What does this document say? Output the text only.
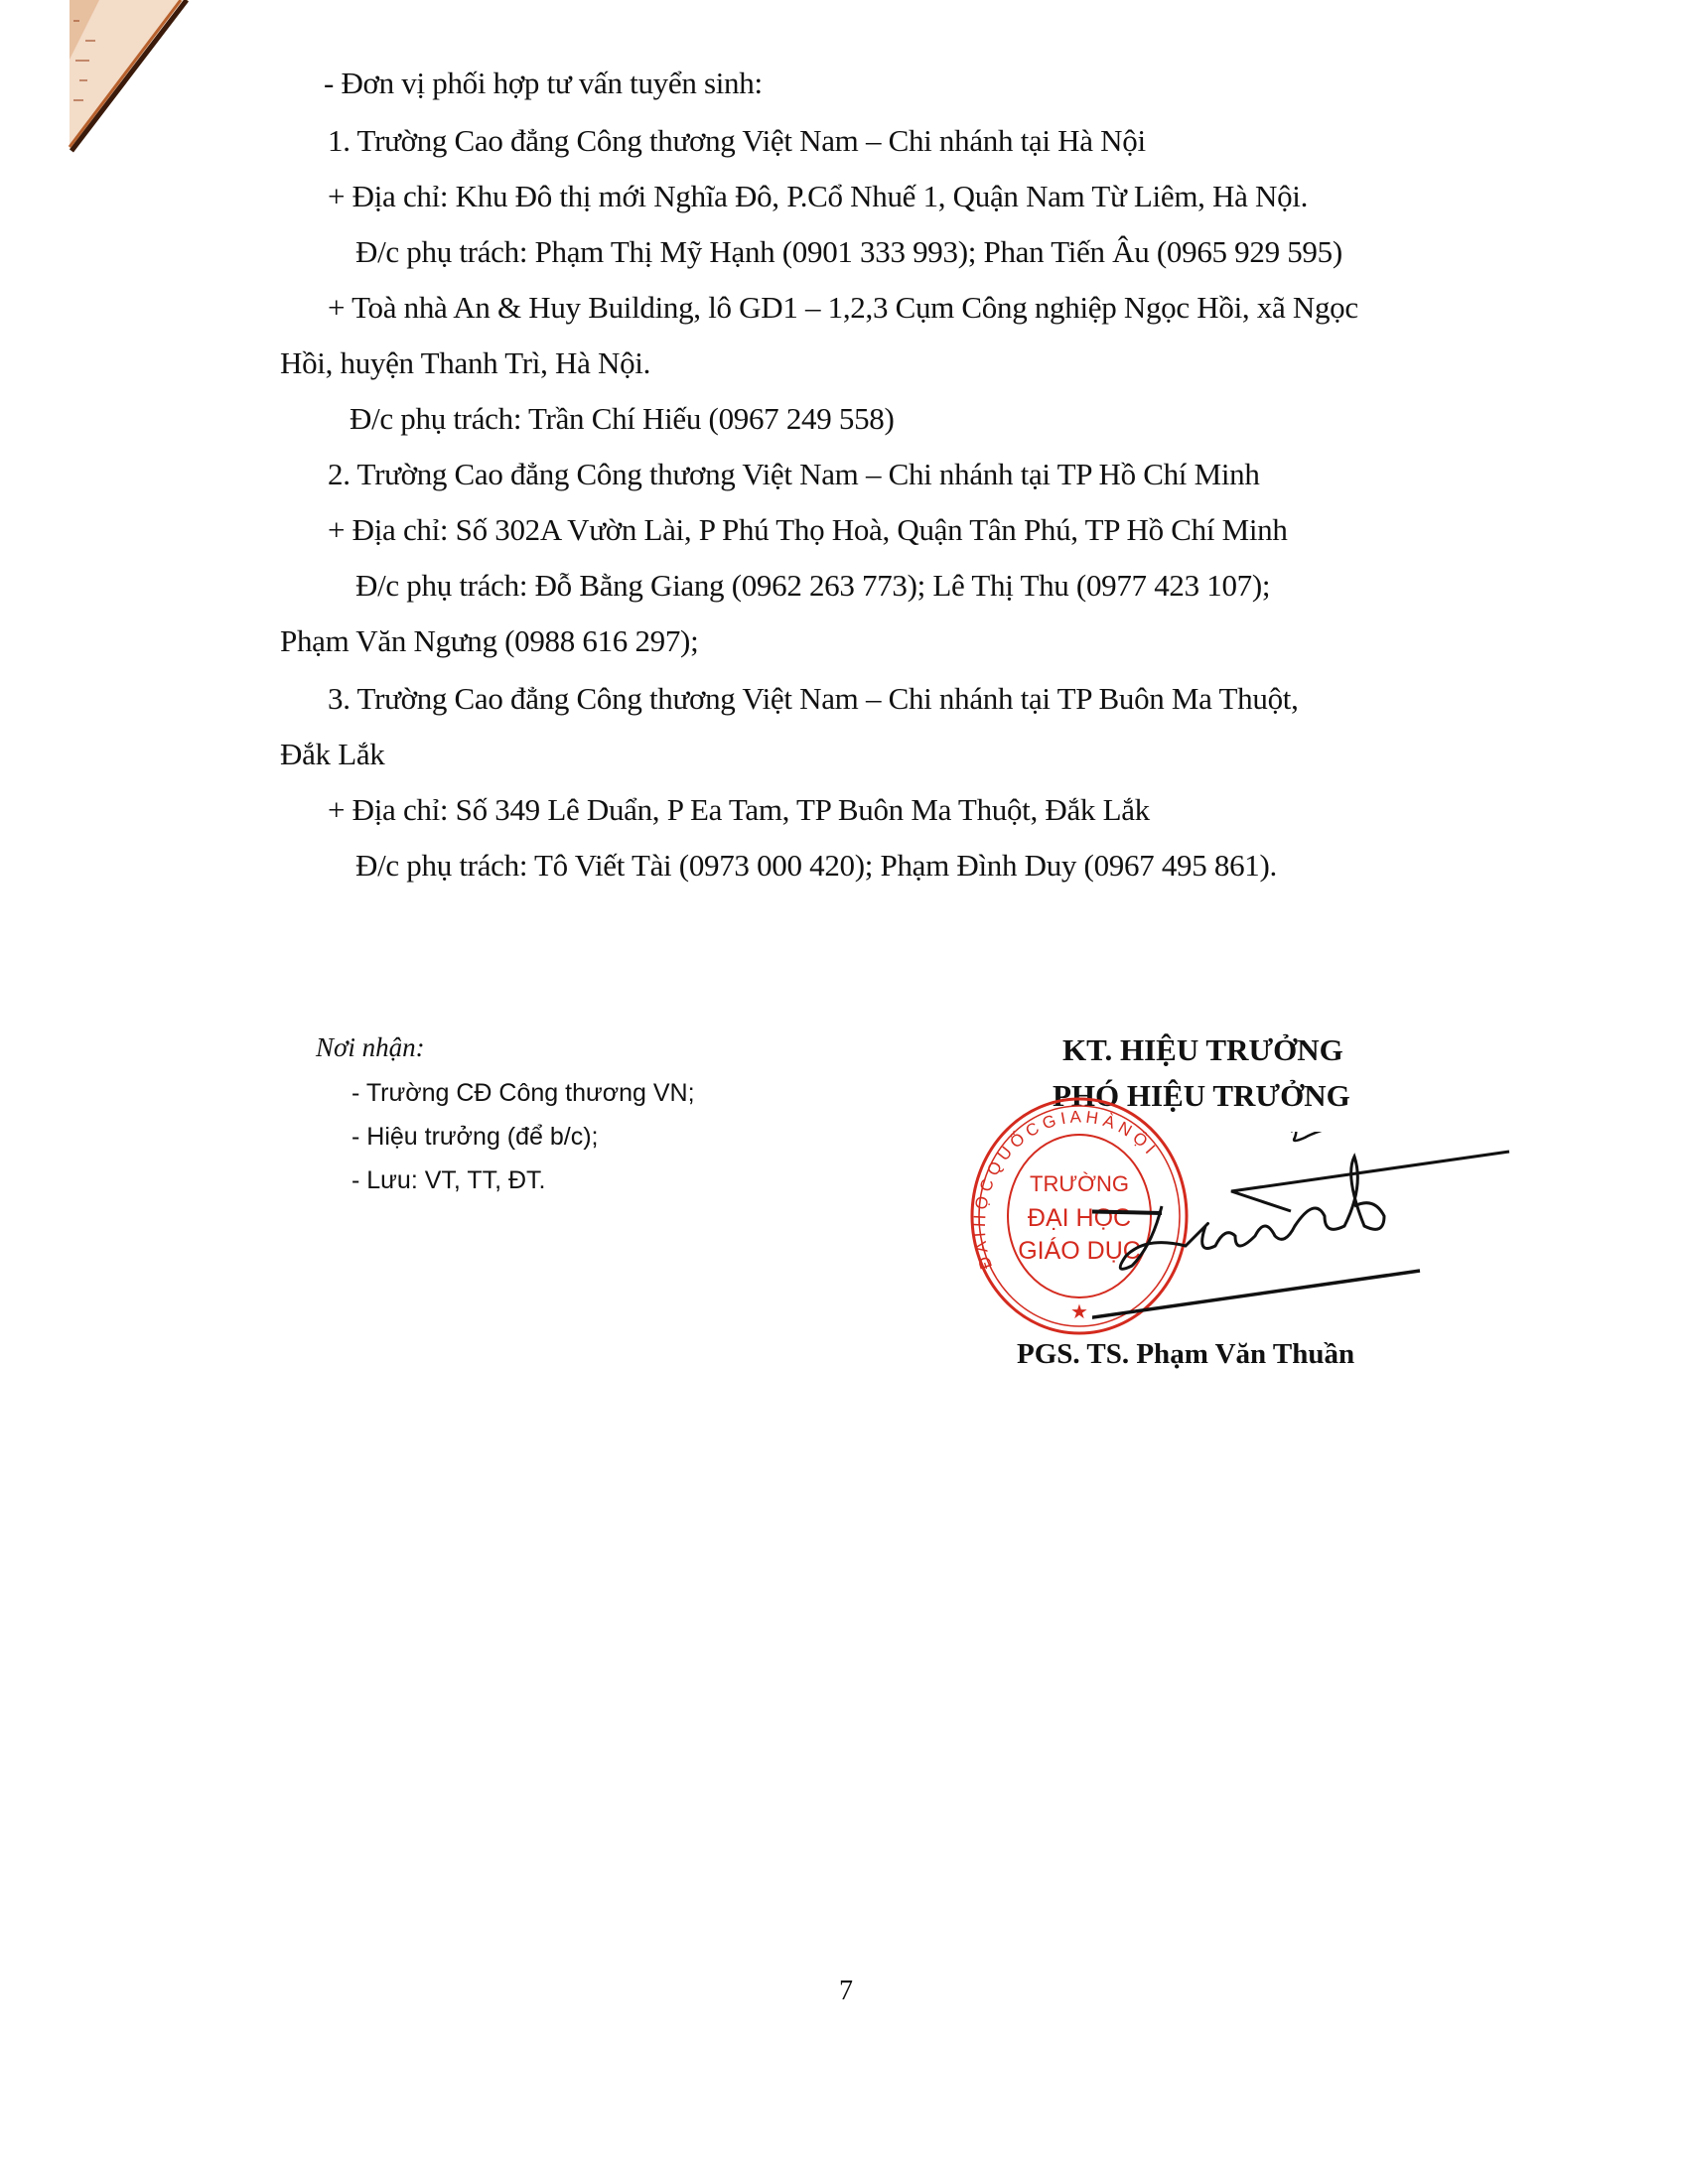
- Đơn vị phối hợp tư vấn tuyển sinh:
1. Trường Cao đẳng Công thương Việt Nam – Chi nhánh tại Hà Nội
+ Địa chỉ: Khu Đô thị mới Nghĩa Đô, P.Cổ Nhuế 1, Quận Nam Từ Liêm, Hà Nội.
Đ/c phụ trách: Phạm Thị Mỹ Hạnh (0901 333 993); Phan Tiến Âu (0965 929 595)
+ Toà nhà An & Huy Building, lô GD1 – 1,2,3 Cụm Công nghiệp Ngọc Hồi, xã Ngọc
Hồi, huyện Thanh Trì, Hà Nội.
Đ/c phụ trách: Trần Chí Hiếu (0967 249 558)
2. Trường Cao đẳng Công thương Việt Nam – Chi nhánh tại TP Hồ Chí Minh
+ Địa chỉ: Số 302A Vườn Lài, P Phú Thọ Hoà, Quận Tân Phú, TP Hồ Chí Minh
Đ/c phụ trách: Đỗ Bằng Giang (0962 263 773); Lê Thị Thu (0977 423 107);
Phạm Văn Ngưng (0988 616 297);
3. Trường Cao đẳng Công thương Việt Nam – Chi nhánh tại TP Buôn Ma Thuột,
Đắk Lắk
+ Địa chỉ: Số 349 Lê Duẩn, P Ea Tam, TP Buôn Ma Thuột, Đắk Lắk
Đ/c phụ trách: Tô Viết Tài (0973 000 420); Phạm Đình Duy (0967 495 861).
Nơi nhận:
- Trường CĐ Công thương VN;
- Hiệu trưởng (để b/c);
- Lưu: VT, TT, ĐT.
KT. HIỆU TRƯỞNG
PHÓ HIỆU TRƯỞNG
Đ A I H Ọ C Q U Ố C G I A H À N Ộ I
TRƯỜNG
ĐẠI HỌC
GIÁO DỤC
★
PGS. TS. Phạm Văn Thuần
7
